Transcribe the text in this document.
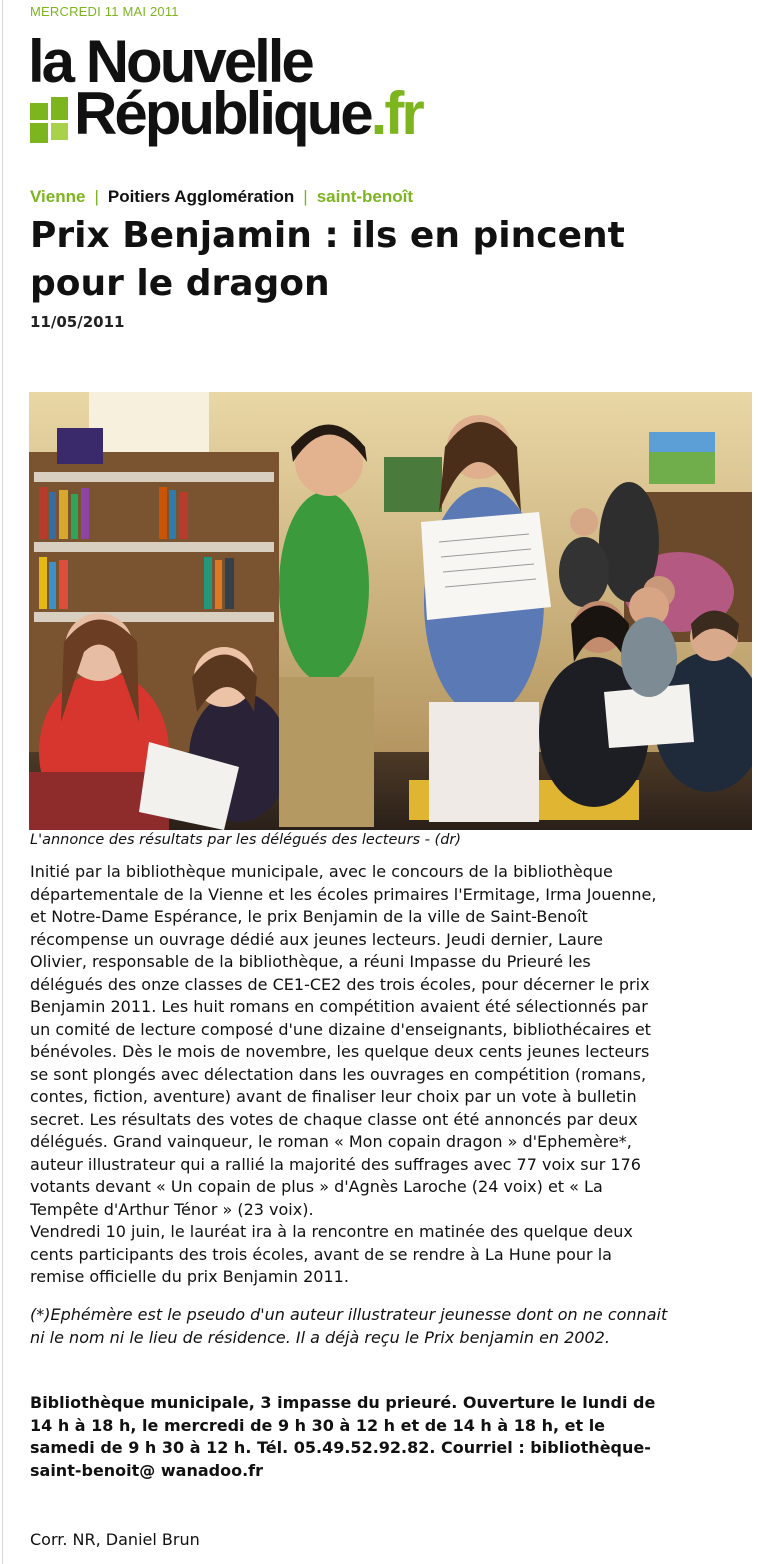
MERCREDI 11 MAI 2011
la Nouvelle
République.fr
Vienne | Poitiers Agglomération | saint-benoît
Prix Benjamin : ils en pincent pour le dragon
11/05/2011
L'annonce des résultats par les délégués des lecteurs - (dr)
Initié par la bibliothèque municipale, avec le concours de la bibliothèque
départementale de la Vienne et les écoles primaires l'Ermitage, Irma Jouenne,
et Notre-Dame Espérance, le prix Benjamin de la ville de Saint-Benoît
récompense un ouvrage dédié aux jeunes lecteurs. Jeudi dernier, Laure
Olivier, responsable de la bibliothèque, a réuni Impasse du Prieuré les
délégués des onze classes de CE1-CE2 des trois écoles, pour décerner le prix
Benjamin 2011. Les huit romans en compétition avaient été sélectionnés par
un comité de lecture composé d'une dizaine d'enseignants, bibliothécaires et
bénévoles. Dès le mois de novembre, les quelque deux cents jeunes lecteurs
se sont plongés avec délectation dans les ouvrages en compétition (romans,
contes, fiction, aventure) avant de finaliser leur choix par un vote à bulletin
secret. Les résultats des votes de chaque classe ont été annoncés par deux
délégués. Grand vainqueur, le roman « Mon copain dragon » d'Ephemère*,
auteur illustrateur qui a rallié la majorité des suffrages avec 77 voix sur 176
votants devant « Un copain de plus » d'Agnès Laroche (24 voix) et « La
Tempête d'Arthur Ténor » (23 voix).
Vendredi 10 juin, le lauréat ira à la rencontre en matinée des quelque deux
cents participants des trois écoles, avant de se rendre à La Hune pour la
remise officielle du prix Benjamin 2011.
(*)Ephémère est le pseudo d'un auteur illustrateur jeunesse dont on ne connait
ni le nom ni le lieu de résidence. Il a déjà reçu le Prix benjamin en 2002.
Bibliothèque municipale, 3 impasse du prieuré. Ouverture le lundi de
14 h à 18 h, le mercredi de 9 h 30 à 12 h et de 14 h à 18 h, et le
samedi de 9 h 30 à 12 h. Tél. 05.49.52.92.82. Courriel : bibliothèque-
saint-benoit@ wanadoo.fr
Corr. NR, Daniel Brun
